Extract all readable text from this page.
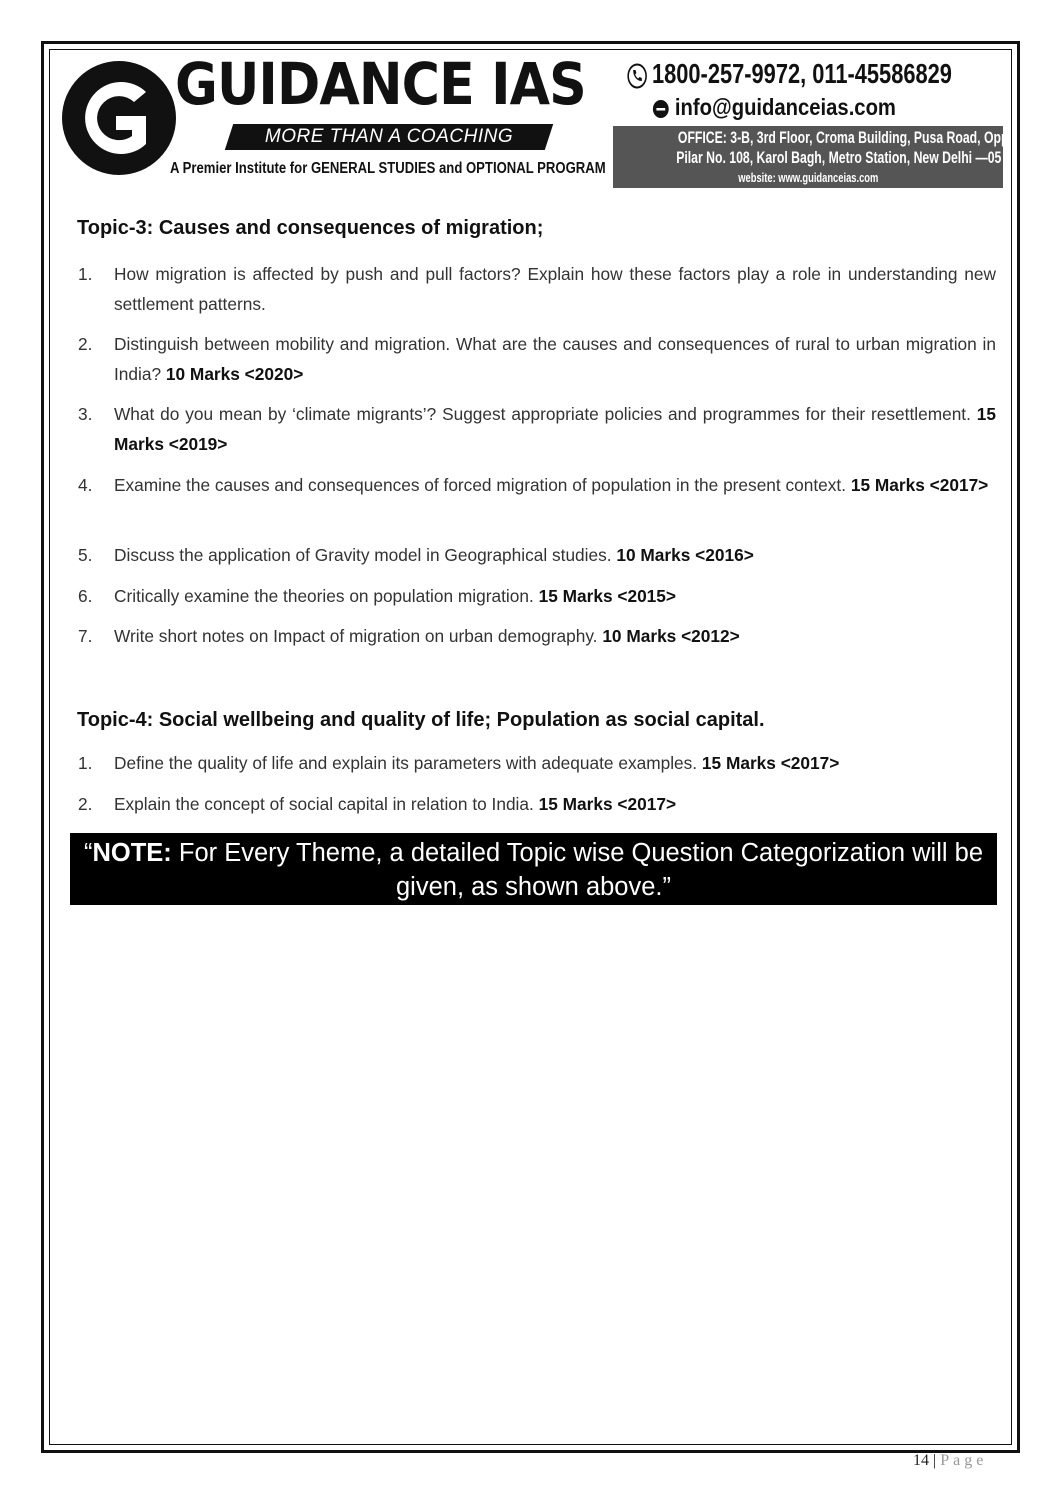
GUIDANCE IAS
MORE THAN A COACHING
A Premier Institute for GENERAL STUDIES and OPTIONAL PROGRAM
1800-257-9972, 011-45586829
info@guidanceias.com
OFFICE: 3-B, 3rd Floor, Croma Building, Pusa Road, Opp.
Pilar No. 108, Karol Bagh, Metro Station, New Delhi —05
website: www.guidanceias.com
Topic-3: Causes and consequences of migration;
1. How migration is affected by push and pull factors? Explain how these factors play a role in understanding new settlement patterns.
2. Distinguish between mobility and migration. What are the causes and consequences of rural to urban migration in India? 10 Marks <2020>
3. What do you mean by ‘climate migrants’? Suggest appropriate policies and programmes for their resettlement. 15 Marks <2019>
4. Examine the causes and consequences of forced migration of population in the present context. 15 Marks <2017>
5. Discuss the application of Gravity model in Geographical studies. 10 Marks <2016>
6. Critically examine the theories on population migration. 15 Marks <2015>
7. Write short notes on Impact of migration on urban demography. 10 Marks <2012>
Topic-4: Social wellbeing and quality of life; Population as social capital.
1. Define the quality of life and explain its parameters with adequate examples. 15 Marks <2017>
2. Explain the concept of social capital in relation to India. 15 Marks <2017>
“NOTE: For Every Theme, a detailed Topic wise Question Categorization will be given, as shown above.”
14 | Page
